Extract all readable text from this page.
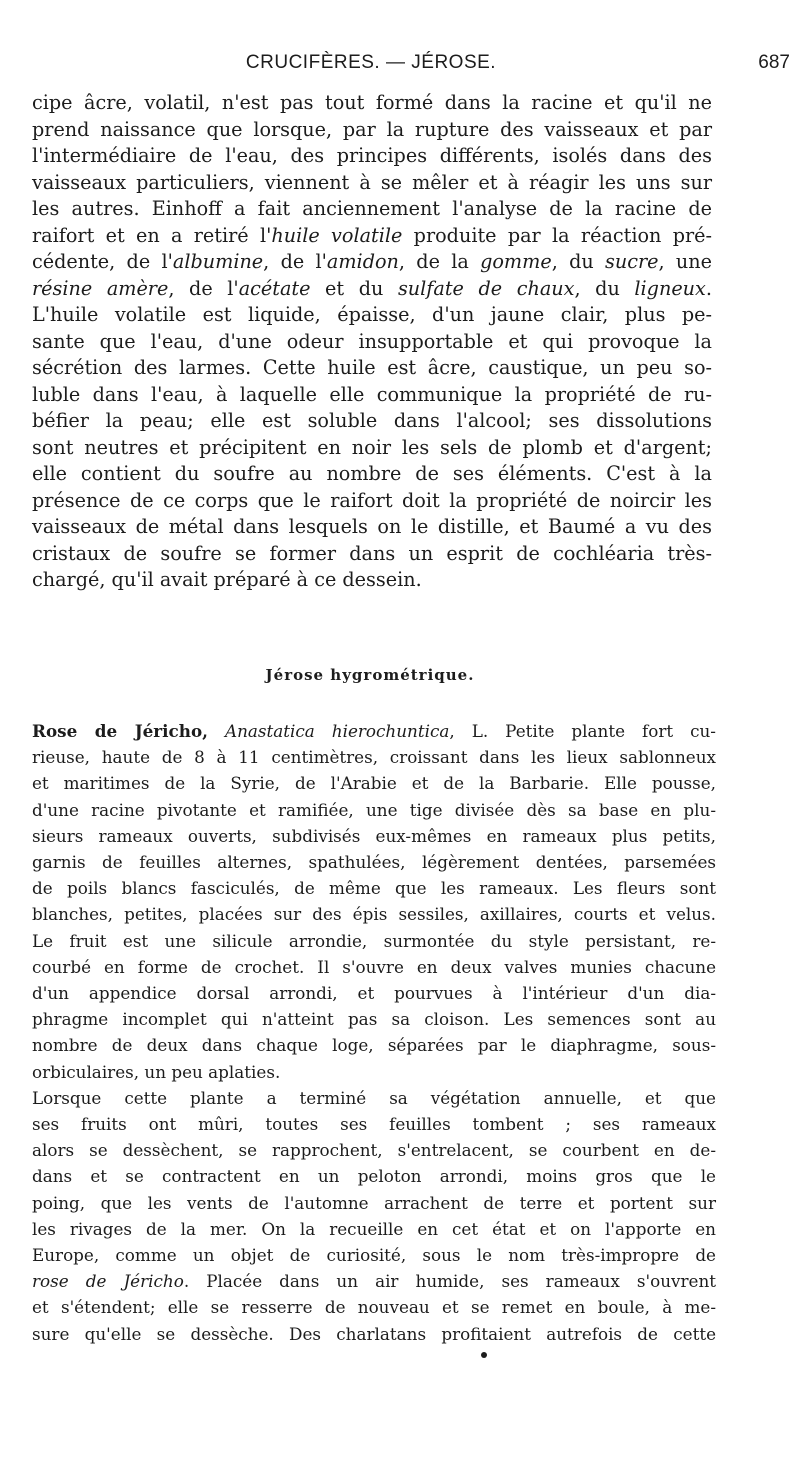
CRUCIFÈRES. — JÉROSE.	687
cipe âcre, volatil, n'est pas tout formé dans la racine et qu'il ne
prend naissance que lorsque, par la rupture des vaisseaux et par
l'intermédiaire de l'eau, des principes différents, isolés dans des
vaisseaux particuliers, viennent à se mêler et à réagir les uns sur
les autres. Einhoff a fait anciennement l'analyse de la racine de
raifort et en a retiré l'huile volatile produite par la réaction pré-
cédente, de l'albumine, de l'amidon, de la gomme, du sucre, une
résine amère, de l'acétate et du sulfate de chaux, du ligneux.
L'huile volatile est liquide, épaisse, d'un jaune clair, plus pe-
sante que l'eau, d'une odeur insupportable et qui provoque la
sécrétion des larmes. Cette huile est âcre, caustique, un peu so-
luble dans l'eau, à laquelle elle communique la propriété de ru-
béfier la peau; elle est soluble dans l'alcool; ses dissolutions
sont neutres et précipitent en noir les sels de plomb et d'argent;
elle contient du soufre au nombre de ses éléments. C'est à la
présence de ce corps que le raifort doit la propriété de noircir les
vaisseaux de métal dans lesquels on le distille, et Baumé a vu des
cristaux de soufre se former dans un esprit de cochléaria très-
chargé, qu'il avait préparé à ce dessein.
Jérose hygrométrique.
Rose de Jéricho, Anastatica hierochuntica, L. Petite plante fort cu-
rieuse, haute de 8 à 11 centimètres, croissant dans les lieux sablonneux
et maritimes de la Syrie, de l'Arabie et de la Barbarie. Elle pousse,
d'une racine pivotante et ramifiée, une tige divisée dès sa base en plu-
sieurs rameaux ouverts, subdivisés eux-mêmes en rameaux plus petits,
garnis de feuilles alternes, spathulées, légèrement dentées, parsemées
de poils blancs fasciculés, de même que les rameaux. Les fleurs sont
blanches, petites, placées sur des épis sessiles, axillaires, courts et velus.
Le fruit est une silicule arrondie, surmontée du style persistant, re-
courbé en forme de crochet. Il s'ouvre en deux valves munies chacune
d'un appendice dorsal arrondi, et pourvues à l'intérieur d'un dia-
phragme incomplet qui n'atteint pas sa cloison. Les semences sont au
nombre de deux dans chaque loge, séparées par le diaphragme, sous-
orbiculaires, un peu aplaties.
Lorsque cette plante a terminé sa végétation annuelle, et que
ses fruits ont mûri, toutes ses feuilles tombent ; ses rameaux
alors se dessèchent, se rapprochent, s'entrelacent, se courbent en de-
dans et se contractent en un peloton arrondi, moins gros que le
poing, que les vents de l'automne arrachent de terre et portent sur
les rivages de la mer. On la recueille en cet état et on l'apporte en
Europe, comme un objet de curiosité, sous le nom très-impropre de
rose de Jéricho. Placée dans un air humide, ses rameaux s'ouvrent
et s'étendent; elle se resserre de nouveau et se remet en boule, à me-
sure qu'elle se dessèche. Des charlatans profitaient autrefois de cette
